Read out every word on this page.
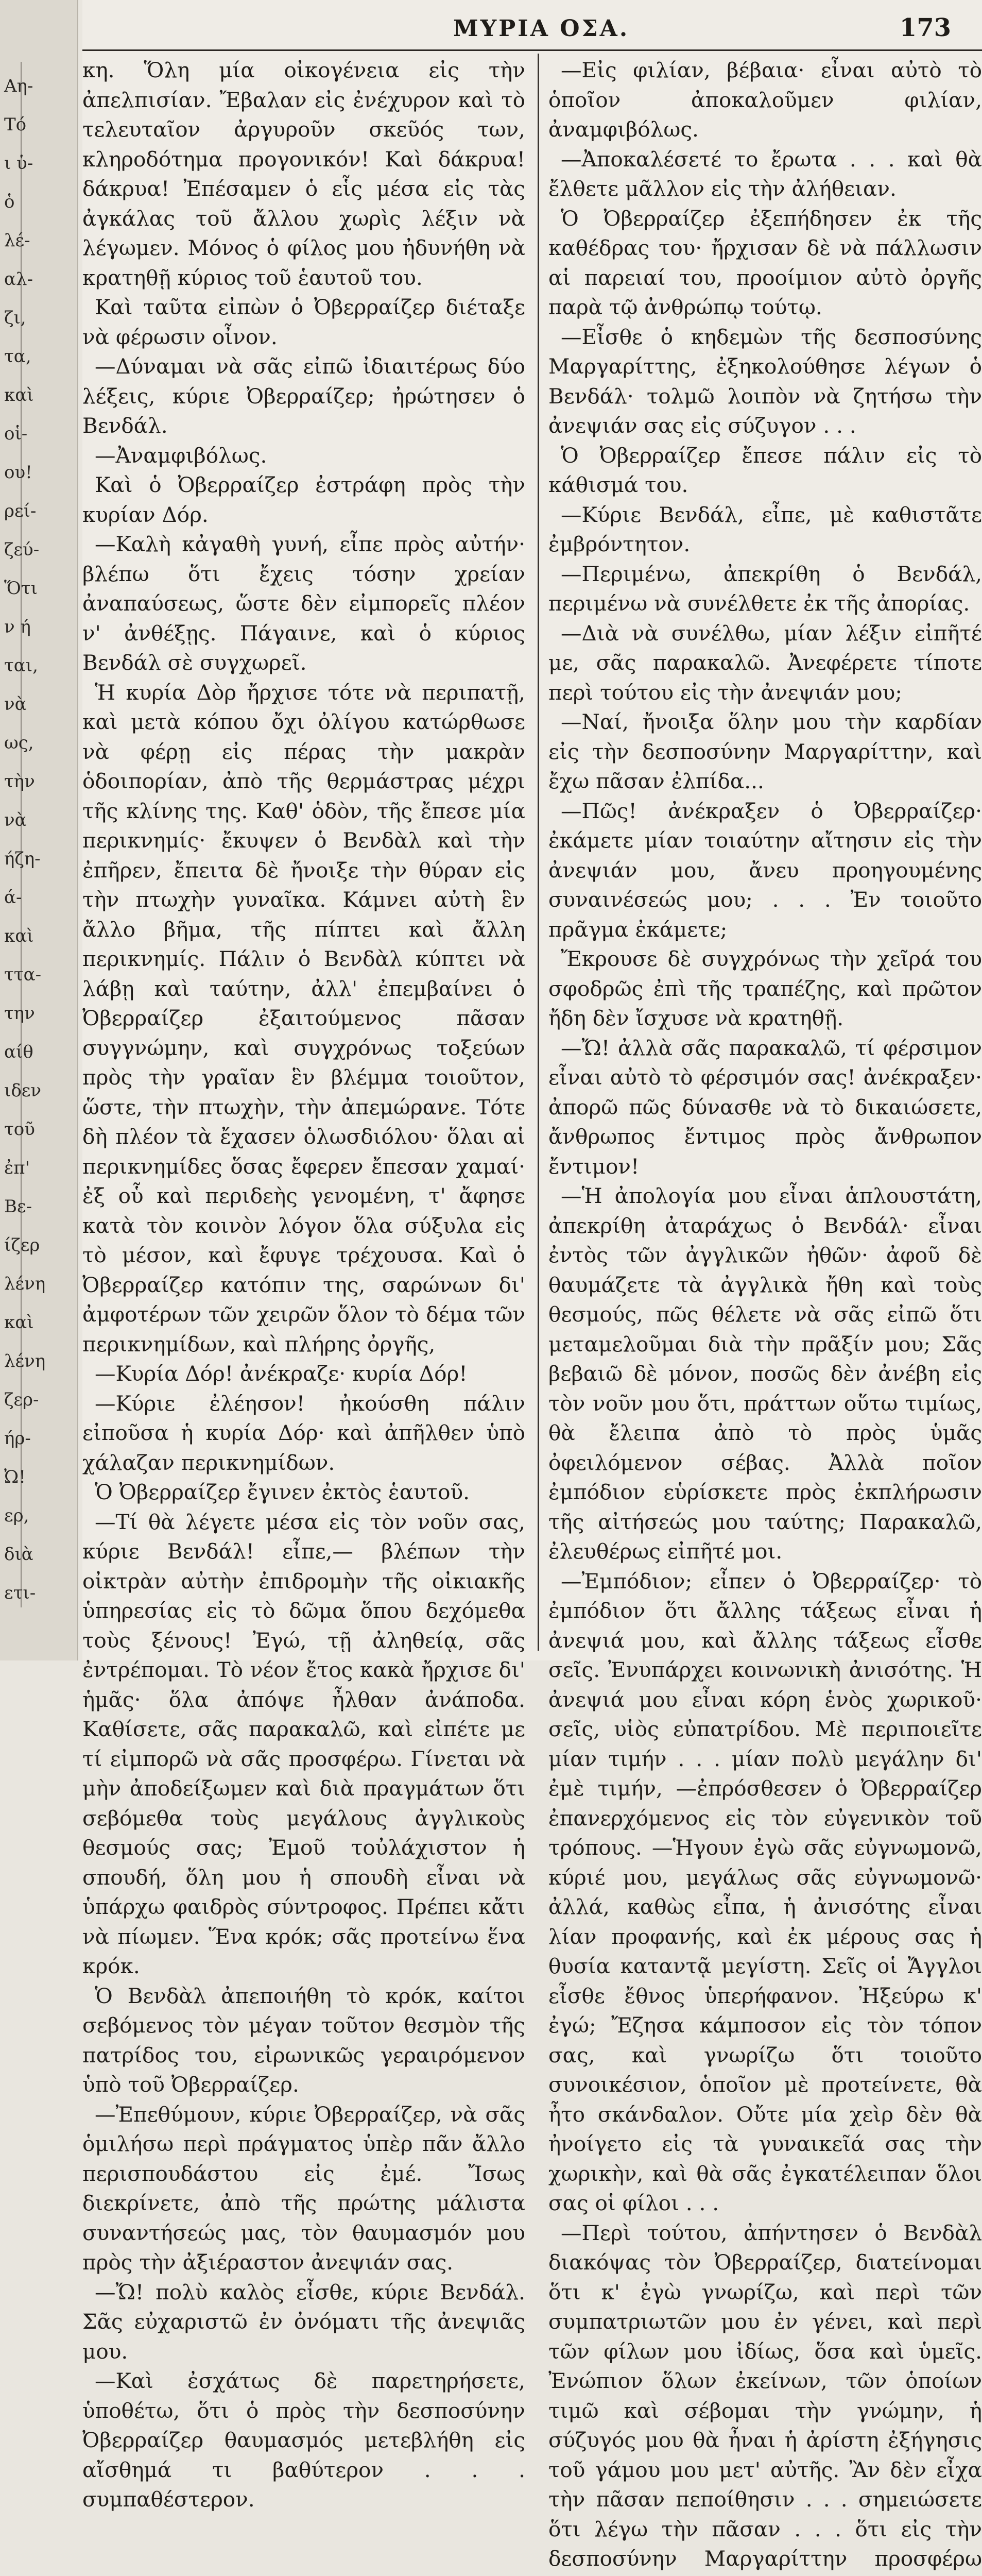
Αη-
Τό
ι ὑ-
ὁ
λέ-
αλ-
ζι,
τα,
καὶ
οἱ-
ου!
ρεί-
ζεύ-
Ὅτι
ν ή
ται,
νὰ
ως,
τὴν
νὰ
ήζη-
ά-
καὶ
ττα-
την
αίθ
ιδεν
τοῦ
ἐπ'
Βε-
ίζερ
λένη
καὶ
λένη
ζερ-
ήρ-
Ὠ!
ερ,
διὰ
ετι-
ΜΥΡΙΑ ΟΣΑ.	173

κη. Ὅλη μία οἰκογένεια εἰς τὴν ἀπελπισίαν. Ἔβαλαν εἰς ἐνέχυρον καὶ τὸ τελευταῖον ἀργυροῦν σκεῦός των, κληροδότημα προγονικόν! Καὶ δάκρυα! δάκρυα! Ἐπέσαμεν ὁ εἷς μέσα εἰς τὰς ἀγκάλας τοῦ ἄλλου χωρὶς λέξιν νὰ λέγωμεν. Μόνος ὁ φίλος μου ἠδυνήθη νὰ κρατηθῇ κύριος τοῦ ἑαυτοῦ του.

Καὶ ταῦτα εἰπὼν ὁ Ὀβερραίζερ διέταξε νὰ φέρωσιν οἶνον.

—Δύναμαι νὰ σᾶς εἰπῶ ἰδιαιτέρως δύο λέξεις, κύριε Ὀβερραίζερ; ἠρώτησεν ὁ Βενδάλ.

—Ἀναμφιβόλως.

Καὶ ὁ Ὀβερραίζερ ἐστράφη πρὸς τὴν κυρίαν Δόρ.

—Καλὴ κἀγαθὴ γυνή, εἶπε πρὸς αὐτήν· βλέπω ὅτι ἔχεις τόσην χρείαν ἀναπαύσεως, ὥστε δὲν εἰμπορεῖς πλέον ν' ἀνθέξῃς. Πάγαινε, καὶ ὁ κύριος Βενδάλ σὲ συγχωρεῖ.

Ἡ κυρία Δὸρ ἤρχισε τότε νὰ περιπατῇ, καὶ μετὰ κόπου ὄχι ὀλίγου κατώρθωσε νὰ φέρῃ εἰς πέρας τὴν μακρὰν ὁδοιπορίαν, ἀπὸ τῆς θερμάστρας μέχρι τῆς κλίνης της. Καθ' ὁδὸν, τῆς ἔπεσε μία περικνημίς· ἔκυψεν ὁ Βενδὰλ καὶ τὴν ἐπῆρεν, ἔπειτα δὲ ἤνοιξε τὴν θύραν εἰς τὴν πτωχὴν γυναῖκα. Κάμνει αὐτὴ ἓν ἄλλο βῆμα, τῆς πίπτει καὶ ἄλλη περικνημίς. Πάλιν ὁ Βενδὰλ κύπτει νὰ λάβῃ καὶ ταύτην, ἀλλ' ἐπεμβαίνει ὁ Ὀβερραίζερ ἐξαιτούμενος πᾶσαν συγγνώμην, καὶ συγχρόνως τοξεύων πρὸς τὴν γραῖαν ἓν βλέμμα τοιοῦτον, ὥστε, τὴν πτωχὴν, τὴν ἀπεμώρανε. Τότε δὴ πλέον τὰ ἔχασεν ὁλωσδιόλου· ὅλαι αἱ περικνημίδες ὅσας ἔφερεν ἔπεσαν χαμαί· ἐξ οὗ καὶ περιδεὴς γενομένη, τ' ἄφησε κατὰ τὸν κοινὸν λόγον ὅλα σύξυλα εἰς τὸ μέσον, καὶ ἔφυγε τρέχουσα. Καὶ ὁ Ὀβερραίζερ κατόπιν της, σαρώνων δι' ἀμφοτέρων τῶν χειρῶν ὅλον τὸ δέμα τῶν περικνημίδων, καὶ πλήρης ὀργῆς,

—Κυρία Δόρ! ἀνέκραζε· κυρία Δόρ!

—Κύριε ἐλέησον! ἠκούσθη πάλιν εἰποῦσα ἡ κυρία Δόρ· καὶ ἀπῆλθεν ὑπὸ χάλαζαν περικνημίδων.

Ὁ Ὀβερραίζερ ἔγινεν ἐκτὸς ἑαυτοῦ.

—Τί θὰ λέγετε μέσα εἰς τὸν νοῦν σας, κύριε Βενδάλ! εἶπε,— βλέπων τὴν οἰκτρὰν αὐτὴν ἐπιδρομὴν τῆς οἰκιακῆς ὑπηρεσίας εἰς τὸ δῶμα ὅπου δεχόμεθα τοὺς ξένους! Ἐγώ, τῇ ἀληθείᾳ, σᾶς ἐντρέπομαι. Τὸ νέον ἔτος κακὰ ἤρχισε δι' ἡμᾶς· ὅλα ἀπόψε ἦλθαν ἀνάποδα. Καθίσετε, σᾶς παρακαλῶ, καὶ εἰπέτε με τί εἰμπορῶ νὰ σᾶς προσφέρω. Γίνεται νὰ μὴν ἀποδείξωμεν καὶ διὰ πραγμάτων ὅτι σεβόμεθα τοὺς μεγάλους ἀγγλικοὺς θεσμούς σας; Ἐμοῦ τοὐλάχιστον ἡ σπουδή, ὅλη μου ἡ σπουδὴ εἶναι νὰ ὑπάρχω φαιδρὸς σύντροφος. Πρέπει κἄτι νὰ πίωμεν. Ἕνα κρόκ; σᾶς προτείνω ἕνα κρόκ.

Ὁ Βενδὰλ ἀπεποιήθη τὸ κρόκ, καίτοι σεβόμενος τὸν μέγαν τοῦτον θεσμὸν τῆς πατρίδος του, εἰρωνικῶς γεραιρόμενον ὑπὸ τοῦ Ὀβερραίζερ.

—Ἐπεθύμουν, κύριε Ὀβερραίζερ, νὰ σᾶς ὁμιλήσω περὶ πράγματος ὑπὲρ πᾶν ἄλλο περισπουδάστου εἰς ἐμέ. Ἴσως διεκρίνετε, ἀπὸ τῆς πρώτης μάλιστα συναντήσεώς μας, τὸν θαυμασμόν μου πρὸς τὴν ἀξιέραστον ἀνεψιάν σας.

—Ὤ! πολὺ καλὸς εἶσθε, κύριε Βενδάλ. Σᾶς εὐχαριστῶ ἐν ὀνόματι τῆς ἀνεψιᾶς μου.

—Καὶ ἐσχάτως δὲ παρετηρήσετε, ὑποθέτω, ὅτι ὁ πρὸς τὴν δεσποσύνην Ὀβερραίζερ θαυμασμός μετεβλήθη εἰς αἴσθημά τι βαθύτερον . . . συμπαθέστερον.

—Εἰς φιλίαν, βέβαια· εἶναι αὐτὸ τὸ ὁποῖον ἀποκαλοῦμεν φιλίαν, ἀναμφιβόλως.

—Ἀποκαλέσετέ το ἔρωτα . . . καὶ θὰ ἔλθετε μᾶλλον εἰς τὴν ἀλήθειαν.

Ὁ Ὀβερραίζερ ἐξεπήδησεν ἐκ τῆς καθέδρας του· ἤρχισαν δὲ νὰ πάλλωσιν αἱ παρειαί του, προοίμιον αὐτὸ ὀργῆς παρὰ τῷ ἀνθρώπῳ τούτῳ.

—Εἶσθε ὁ κηδεμὼν τῆς δεσποσύνης Μαργαρίττης, ἐξηκολούθησε λέγων ὁ Βενδάλ· τολμῶ λοιπὸν νὰ ζητήσω τὴν ἀνεψιάν σας εἰς σύζυγον . . .

Ὁ Ὀβερραίζερ ἔπεσε πάλιν εἰς τὸ κάθισμά του.

—Κύριε Βενδάλ, εἶπε, μὲ καθιστᾶτε ἐμβρόντητον.

—Περιμένω, ἀπεκρίθη ὁ Βενδάλ, περιμένω νὰ συνέλθετε ἐκ τῆς ἀπορίας.

—Διὰ νὰ συνέλθω, μίαν λέξιν εἰπῆτέ με, σᾶς παρακαλῶ. Ἀνεφέρετε τίποτε περὶ τούτου εἰς τὴν ἀνεψιάν μου;

—Ναί, ἤνοιξα ὅλην μου τὴν καρδίαν εἰς τὴν δεσποσύνην Μαργαρίττην, καὶ ἔχω πᾶσαν ἐλπίδα...

—Πῶς! ἀνέκραξεν ὁ Ὀβερραίζερ· ἐκάμετε μίαν τοιαύτην αἴτησιν εἰς τὴν ἀνεψιάν μου, ἄνευ προηγουμένης συναινέσεώς μου; . . . Ἐν τοιοῦτο πρᾶγμα ἐκάμετε;

Ἔκρουσε δὲ συγχρόνως τὴν χεῖρά του σφοδρῶς ἐπὶ τῆς τραπέζης, καὶ πρῶτον ἤδη δὲν ἴσχυσε νὰ κρατηθῇ.

—Ὤ! ἀλλὰ σᾶς παρακαλῶ, τί φέρσιμον εἶναι αὐτὸ τὸ φέρσιμόν σας! ἀνέκραξεν· ἀπορῶ πῶς δύνασθε νὰ τὸ δικαιώσετε, ἄνθρωπος ἔντιμος πρὸς ἄνθρωπον ἔντιμον!

—Ἡ ἀπολογία μου εἶναι ἁπλουστάτη, ἀπεκρίθη ἀταράχως ὁ Βενδάλ· εἶναι ἐντὸς τῶν ἀγγλικῶν ἠθῶν· ἀφοῦ δὲ θαυμάζετε τὰ ἀγγλικὰ ἤθη καὶ τοὺς θεσμούς, πῶς θέλετε νὰ σᾶς εἰπῶ ὅτι μεταμελοῦμαι διὰ τὴν πρᾶξίν μου; Σᾶς βεβαιῶ δὲ μόνον, ποσῶς δὲν ἀνέβη εἰς τὸν νοῦν μου ὅτι, πράττων οὕτω τιμίως, θὰ ἔλειπα ἀπὸ τὸ πρὸς ὑμᾶς ὀφειλόμενον σέβας. Ἀλλὰ ποῖον ἐμπόδιον εὑρίσκετε πρὸς ἐκπλήρωσιν τῆς αἰτήσεώς μου ταύτης; Παρακαλῶ, ἐλευθέρως εἰπῆτέ μοι.

—Ἐμπόδιον; εἶπεν ὁ Ὀβερραίζερ· τὸ ἐμπόδιον ὅτι ἄλλης τάξεως εἶναι ἡ ἀνεψιά μου, καὶ ἄλλης τάξεως εἶσθε σεῖς. Ἐνυπάρχει κοινωνικὴ ἀνισότης. Ἡ ἀνεψιά μου εἶναι κόρη ἑνὸς χωρικοῦ· σεῖς, υἱὸς εὐπατρίδου. Μὲ περιποιεῖτε μίαν τιμήν . . . μίαν πολὺ μεγάλην δι' ἐμὲ τιμήν, —ἐπρόσθεσεν ὁ Ὀβερραίζερ ἐπανερχόμενος εἰς τὸν εὐγενικὸν τοῦ τρόπους. —Ἡγουν ἐγὼ σᾶς εὐγνωμονῶ, κύριέ μου, μεγάλως σᾶς εὐγνωμονῶ· ἀλλά, καθὼς εἶπα, ἡ ἀνισότης εἶναι λίαν προφανής, καὶ ἐκ μέρους σας ἡ θυσία καταντᾷ μεγίστη. Σεῖς οἱ Ἄγγλοι εἶσθε ἔθνος ὑπερήφανον. Ἠξεύρω κ' ἐγώ; Ἔζησα κάμποσον εἰς τὸν τόπον σας, καὶ γνωρίζω ὅτι τοιοῦτο συνοικέσιον, ὁποῖον μὲ προτείνετε, θὰ ἦτο σκάνδαλον. Οὔτε μία χεὶρ δὲν θὰ ἠνοίγετο εἰς τὰ γυναικεῖά σας τὴν χωρικὴν, καὶ θὰ σᾶς ἐγκατέλειπαν ὅλοι σας οἱ φίλοι . . .

—Περὶ τούτου, ἀπήντησεν ὁ Βενδὰλ διακόψας τὸν Ὀβερραίζερ, διατείνομαι ὅτι κ' ἐγὼ γνωρίζω, καὶ περὶ τῶν συμπατριωτῶν μου ἐν γένει, καὶ περὶ τῶν φίλων μου ἰδίως, ὅσα καὶ ὑμεῖς. Ἐνώπιον ὅλων ἐκείνων, τῶν ὁποίων τιμῶ καὶ σέβομαι τὴν γνώμην, ἡ σύζυγός μου θὰ ἦναι ἡ ἀρίστη ἐξήγησις τοῦ γάμου μου μετ' αὐτῆς. Ἂν δὲν εἶχα τὴν πᾶσαν πεποίθησιν . . . σημειώσετε ὅτι λέγω τὴν πᾶσαν . . . ὅτι εἰς τὴν δεσποσύνην Μαργαρίττην προσφέρω
